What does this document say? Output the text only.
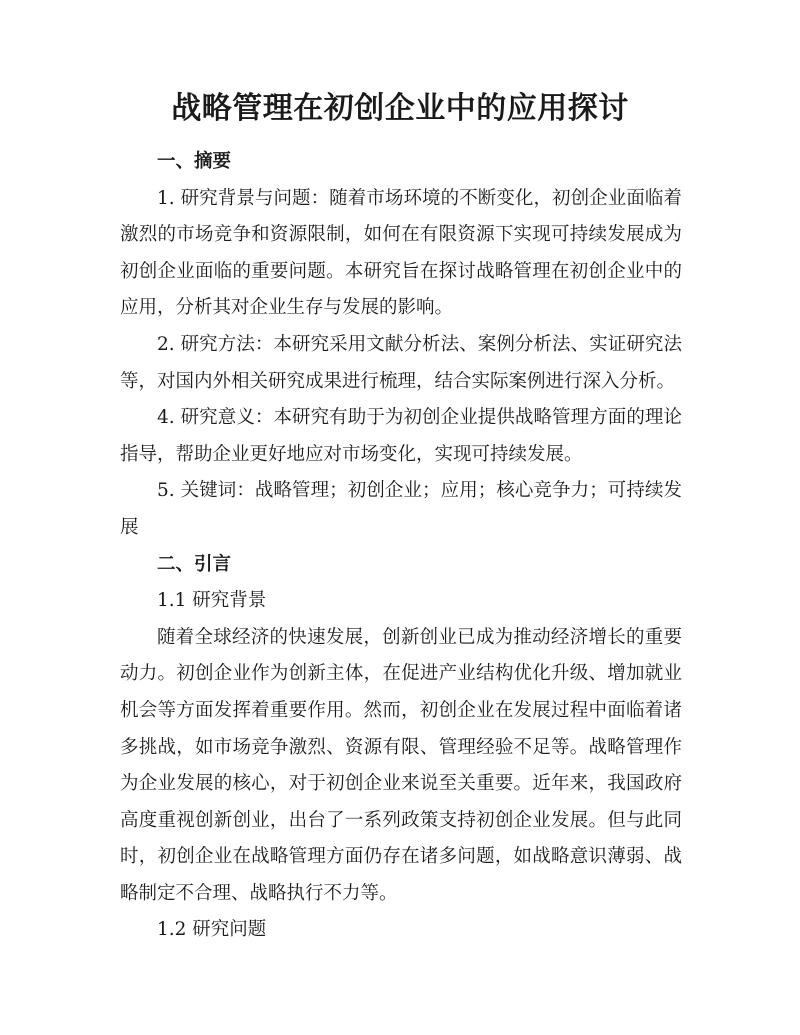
战略管理在初创企业中的应用探讨

一、摘要

1. 研究背景与问题：随着市场环境的不断变化，初创企业面临着激烈的市场竞争和资源限制，如何在有限资源下实现可持续发展成为初创企业面临的重要问题。本研究旨在探讨战略管理在初创企业中的应用，分析其对企业生存与发展的影响。

2. 研究方法：本研究采用文献分析法、案例分析法、实证研究法等，对国内外相关研究成果进行梳理，结合实际案例进行深入分析。

4. 研究意义：本研究有助于为初创企业提供战略管理方面的理论指导，帮助企业更好地应对市场变化，实现可持续发展。

5. 关键词：战略管理；初创企业；应用；核心竞争力；可持续发展

二、引言

1.1 研究背景

随着全球经济的快速发展，创新创业已成为推动经济增长的重要动力。初创企业作为创新主体，在促进产业结构优化升级、增加就业机会等方面发挥着重要作用。然而，初创企业在发展过程中面临着诸多挑战，如市场竞争激烈、资源有限、管理经验不足等。战略管理作为企业发展的核心，对于初创企业来说至关重要。近年来，我国政府高度重视创新创业，出台了一系列政策支持初创企业发展。但与此同时，初创企业在战略管理方面仍存在诸多问题，如战略意识薄弱、战略制定不合理、战略执行不力等。

1.2 研究问题
